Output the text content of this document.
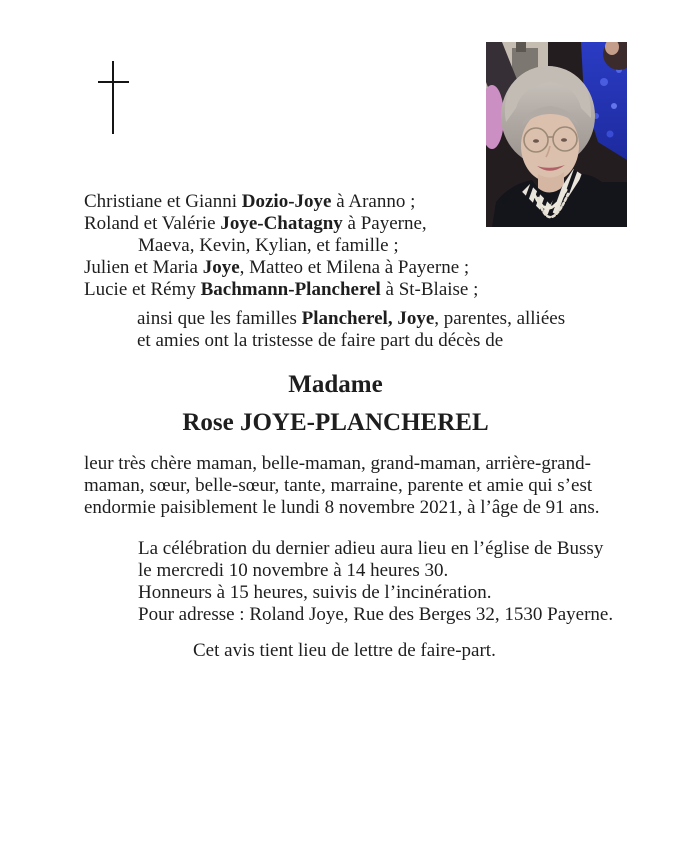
Christiane et Gianni Dozio-Joye à Aranno ;
Roland et Valérie Joye-Chatagny à Payerne,
Maeva, Kevin, Kylian, et famille ;
Julien et Maria Joye, Matteo et Milena à Payerne ;
Lucie et Rémy Bachmann-Plancherel à St-Blaise ;
ainsi que les familles Plancherel, Joye, parentes, alliées
et amies ont la tristesse de faire part du décès de
Madame
Rose JOYE-PLANCHEREL
leur très chère maman, belle-maman, grand-maman, arrière-grand-
maman, sœur, belle-sœur, tante, marraine, parente et amie qui s’est
endormie paisiblement le lundi 8 novembre 2021, à l’âge de 91 ans.
La célébration du dernier adieu aura lieu en l’église de Bussy
le mercredi 10 novembre à 14 heures 30.
Honneurs à 15 heures, suivis de l’incinération.
Pour adresse : Roland Joye, Rue des Berges 32, 1530 Payerne.
Cet avis tient lieu de lettre de faire-part.
